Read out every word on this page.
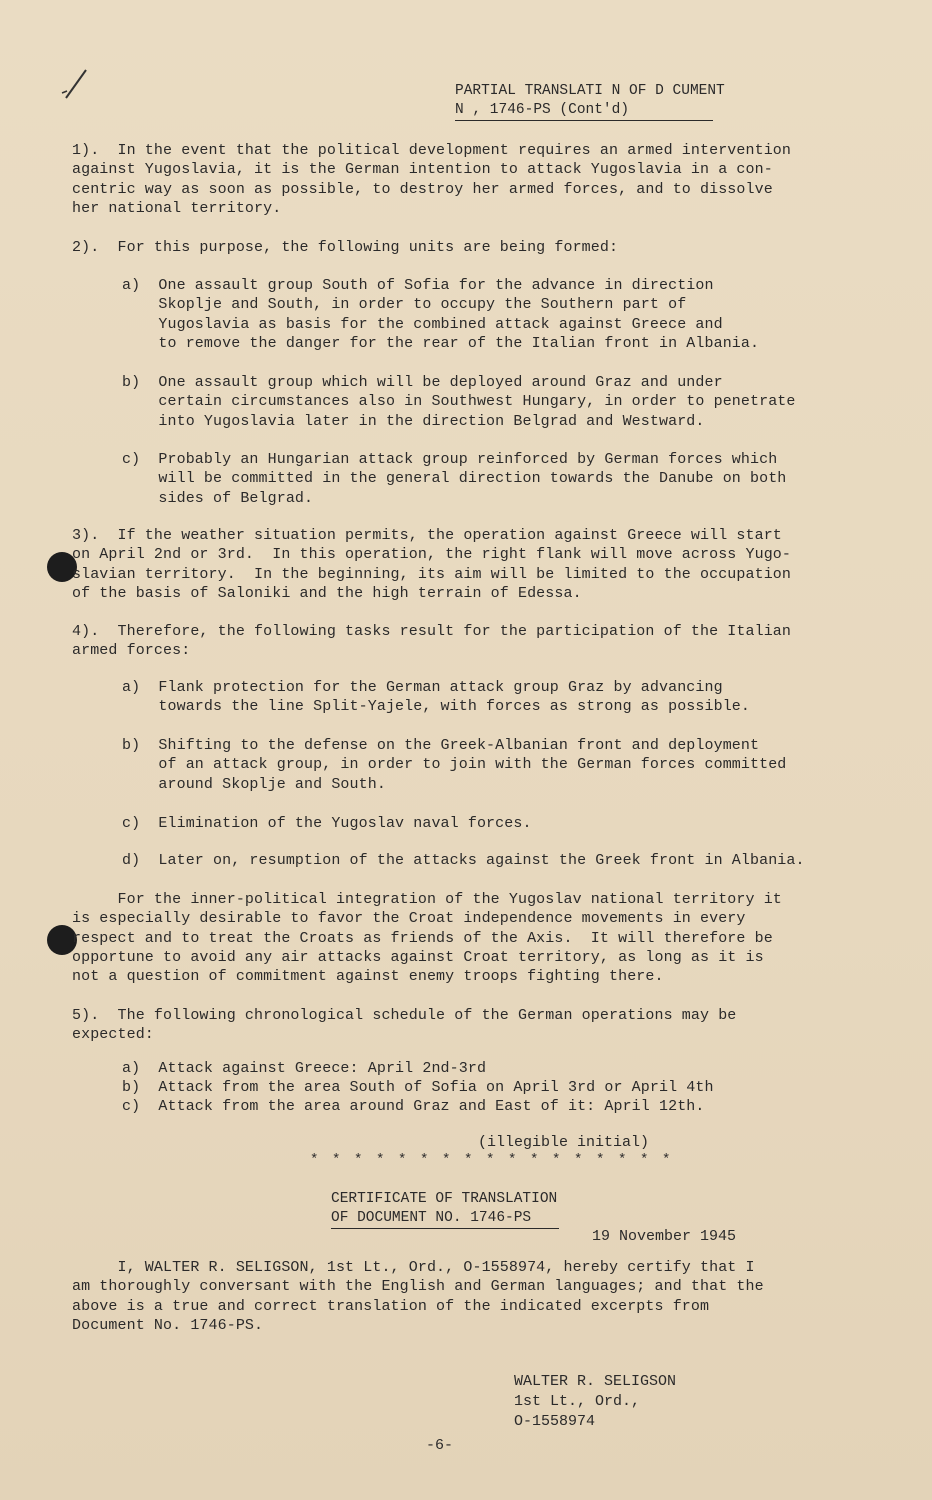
PARTIAL TRANSLATI N OF D CUMENT
N , 1746-PS (Cont'd)
1).  In the event that the political development requires an armed intervention
against Yugoslavia, it is the German intention to attack Yugoslavia in a con-
centric way as soon as possible, to destroy her armed forces, and to dissolve
her national territory.
2).  For this purpose, the following units are being formed:
a)  One assault group South of Sofia for the advance in direction
Skoplje and South, in order to occupy the Southern part of
Yugoslavia as basis for the combined attack against Greece and
to remove the danger for the rear of the Italian front in Albania.
b)  One assault group which will be deployed around Graz and under
certain circumstances also in Southwest Hungary, in order to penetrate
into Yugoslavia later in the direction Belgrad and Westward.
c)  Probably an Hungarian attack group reinforced by German forces which
will be committed in the general direction towards the Danube on both
sides of Belgrad.
3).  If the weather situation permits, the operation against Greece will start
on April 2nd or 3rd.  In this operation, the right flank will move across Yugo-
slavian territory.  In the beginning, its aim will be limited to the occupation
of the basis of Saloniki and the high terrain of Edessa.
4).  Therefore, the following tasks result for the participation of the Italian
armed forces:
a)  Flank protection for the German attack group Graz by advancing
towards the line Split-Yajele, with forces as strong as possible.
b)  Shifting to the defense on the Greek-Albanian front and deployment
of an attack group, in order to join with the German forces committed
around Skoplje and South.
c)  Elimination of the Yugoslav naval forces.
d)  Later on, resumption of the attacks against the Greek front in Albania.
For the inner-political integration of the Yugoslav national territory it
is especially desirable to favor the Croat independence movements in every
respect and to treat the Croats as friends of the Axis.  It will therefore be
opportune to avoid any air attacks against Croat territory, as long as it is
not a question of commitment against enemy troops fighting there.
5).  The following chronological schedule of the German operations may be
expected:
a)  Attack against Greece: April 2nd-3rd
b)  Attack from the area South of Sofia on April 3rd or April 4th
c)  Attack from the area around Graz and East of it: April 12th.
(illegible initial)
* * * * * * * * * * * * * * * * *
CERTIFICATE OF TRANSLATION
OF DOCUMENT NO. 1746-PS
19 November 1945
I, WALTER R. SELIGSON, 1st Lt., Ord., O-1558974, hereby certify that I
am thoroughly conversant with the English and German languages; and that the
above is a true and correct translation of the indicated excerpts from
Document No. 1746-PS.
WALTER R. SELIGSON
1st Lt., Ord.,
O-1558974
-6-
